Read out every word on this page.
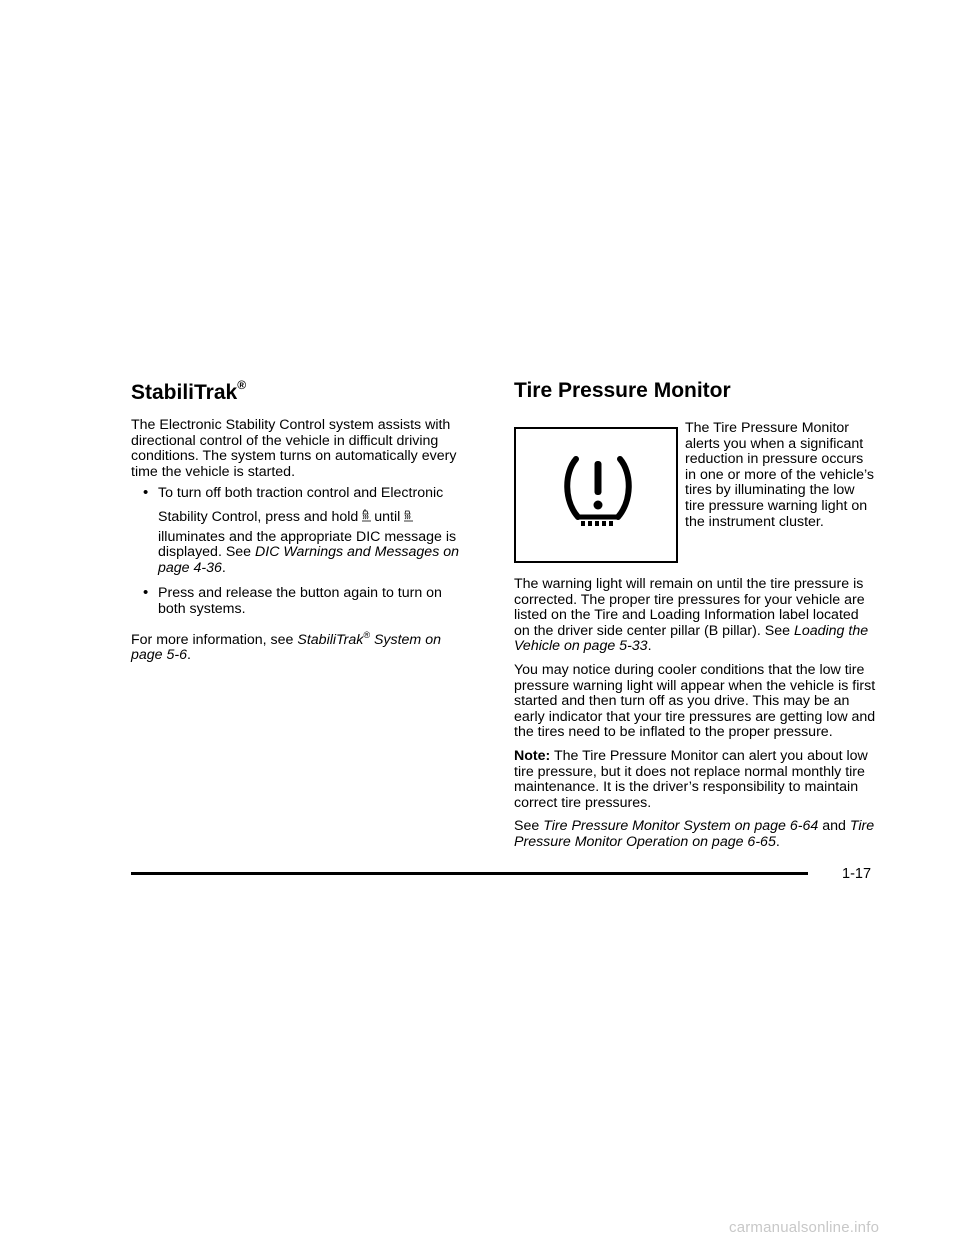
StabiliTrak®

The Electronic Stability Control system assists with directional control of the vehicle in difficult driving conditions. The system turns on automatically every time the vehicle is started.

• To turn off both traction control and Electronic
Stability Control, press and hold until
illuminates and the appropriate DIC message is displayed. See DIC Warnings and Messages on page 4-36.
• Press and release the button again to turn on both systems.

For more information, see StabiliTrak® System on page 5-6.

Tire Pressure Monitor
The Tire Pressure Monitor alerts you when a significant reduction in pressure occurs in one or more of the vehicle’s tires by illuminating the low tire pressure warning light on the instrument cluster.

The warning light will remain on until the tire pressure is corrected. The proper tire pressures for your vehicle are listed on the Tire and Loading Information label located on the driver side center pillar (B pillar). See Loading the Vehicle on page 5-33.

You may notice during cooler conditions that the low tire pressure warning light will appear when the vehicle is first started and then turn off as you drive. This may be an early indicator that your tire pressures are getting low and the tires need to be inflated to the proper pressure.

Note: The Tire Pressure Monitor can alert you about low tire pressure, but it does not replace normal monthly tire maintenance. It is the driver’s responsibility to maintain correct tire pressures.

See Tire Pressure Monitor System on page 6-64 and Tire Pressure Monitor Operation on page 6-65.

1-17
carmanualsonline.info
